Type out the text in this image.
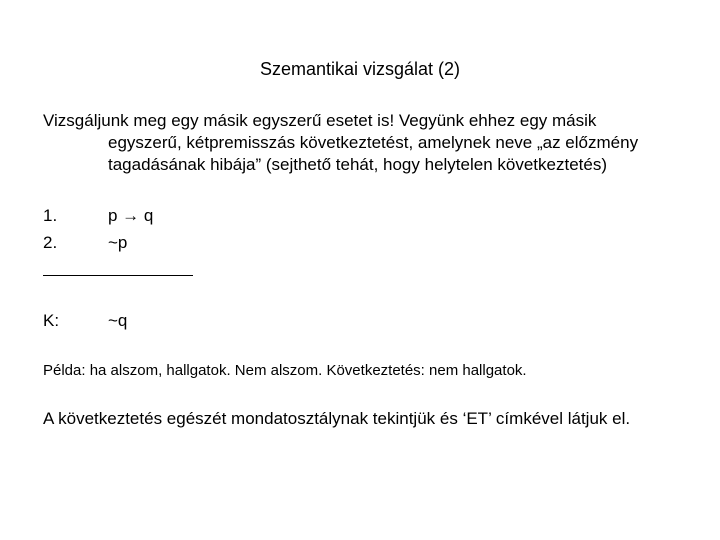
Szemantikai vizsgálat (2)
Vizsgáljunk meg egy másik egyszerű esetet is! Vegyünk ehhez egy másik
egyszerű, kétpremisszás következtetést, amelynek neve „az előzmény
tagadásának hibája” (sejthető tehát, hogy helytelen következtetés)
1.	p → q
2.	~p
K:	~q
Példa: ha alszom, hallgatok. Nem alszom. Következtetés: nem hallgatok.
A következtetés egészét mondatosztálynak tekintjük és ‘ET’ címkével látjuk el.
